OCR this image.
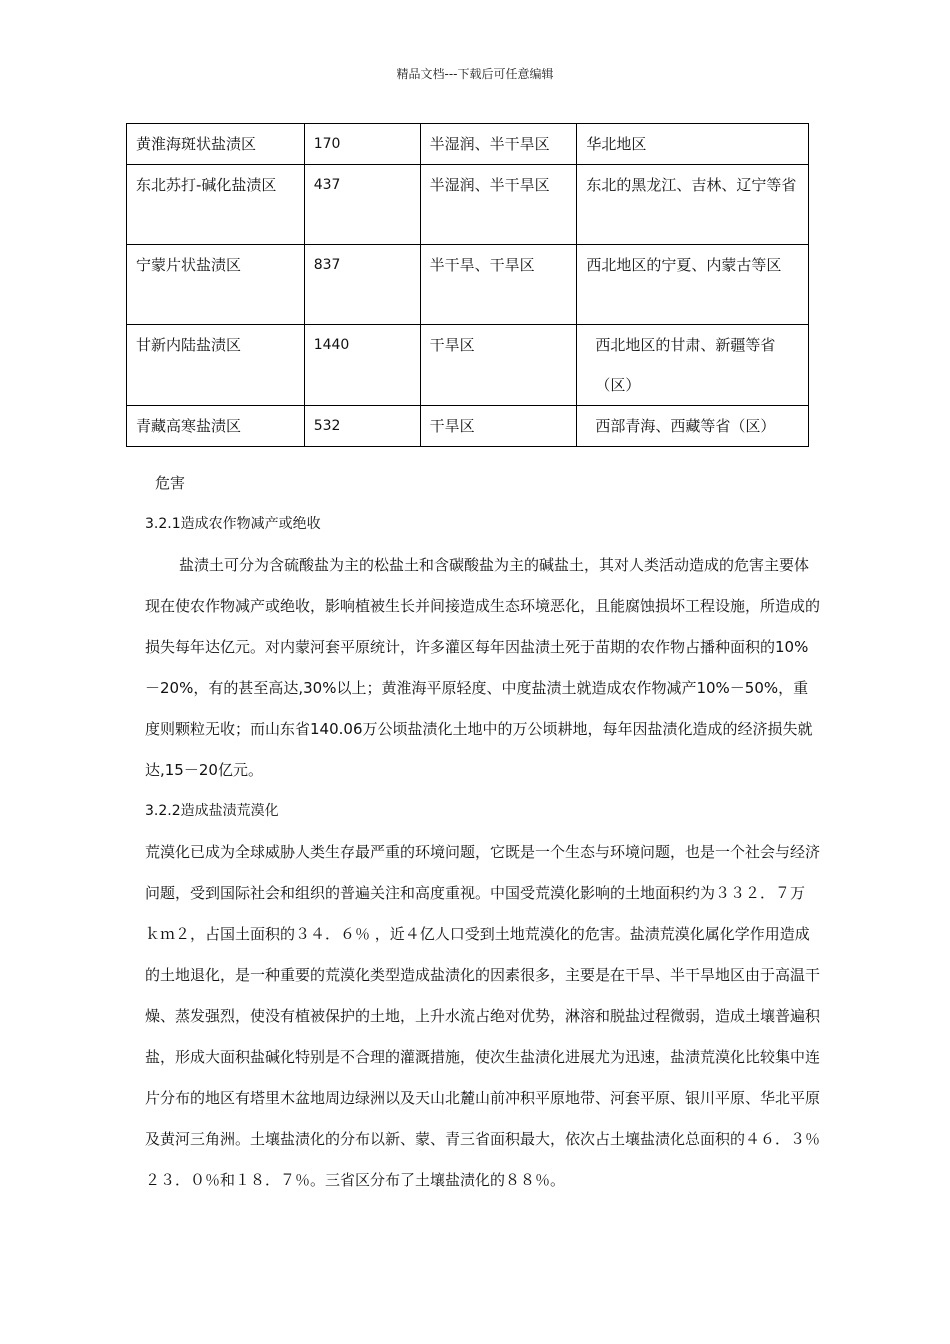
精品文档---下载后可任意编辑
黄淮海斑状盐渍区	170	半湿润、半干旱区	华北地区
东北苏打-碱化盐渍区	437	半湿润、半干旱区	东北的黑龙江、吉林、辽宁等省
宁蒙片状盐渍区	837	半干旱、干旱区	西北地区的宁夏、内蒙古等区
甘新内陆盐渍区	1440	干旱区	西北地区的甘肃、新疆等省（区）
青藏高寒盐渍区	532	干旱区	西部青海、西藏等省（区）

危害

3.2.1造成农作物减产或绝收

盐渍土可分为含硫酸盐为主的松盐土和含碳酸盐为主的碱盐土，其对人类活动造成的危害主要体现在使农作物减产或绝收，影响植被生长并间接造成生态环境恶化，且能腐蚀损坏工程设施，所造成的损失每年达亿元。对内蒙河套平原统计，许多灌区每年因盐渍土死于苗期的农作物占播种面积的10%－20%，有的甚至高达,30%以上；黄淮海平原轻度、中度盐渍土就造成农作物减产10%－50%，重度则颗粒无收；而山东省140.06万公顷盐渍化土地中的万公顷耕地，每年因盐渍化造成的经济损失就达,15－20亿元。

3.2.2造成盐渍荒漠化

荒漠化已成为全球威胁人类生存最严重的环境问题，它既是一个生态与环境问题，也是一个社会与经济问题，受到国际社会和组织的普遍关注和高度重视。中国受荒漠化影响的土地面积约为３３２．７万 ｋｍ２，占国土面积的３４．６％ ，近４亿人口受到土地荒漠化的危害。盐渍荒漠化属化学作用造成的土地退化，是一种重要的荒漠化类型造成盐渍化的因素很多，主要是在干旱、半干旱地区由于高温干燥、蒸发强烈，使没有植被保护的土地，上升水流占绝对优势，淋溶和脱盐过程微弱，造成土壤普遍积盐，形成大面积盐碱化特别是不合理的灌溉措施，使次生盐渍化进展尤为迅速，盐渍荒漠化比较集中连片分布的地区有塔里木盆地周边绿洲以及天山北麓山前冲积平原地带、河套平原、银川平原、华北平原及黄河三角洲。土壤盐渍化的分布以新、蒙、青三省面积最大，依次占土壤盐渍化总面积的４６．３％ ２３．０％和１８．７％。三省区分布了土壤盐渍化的８８％。
